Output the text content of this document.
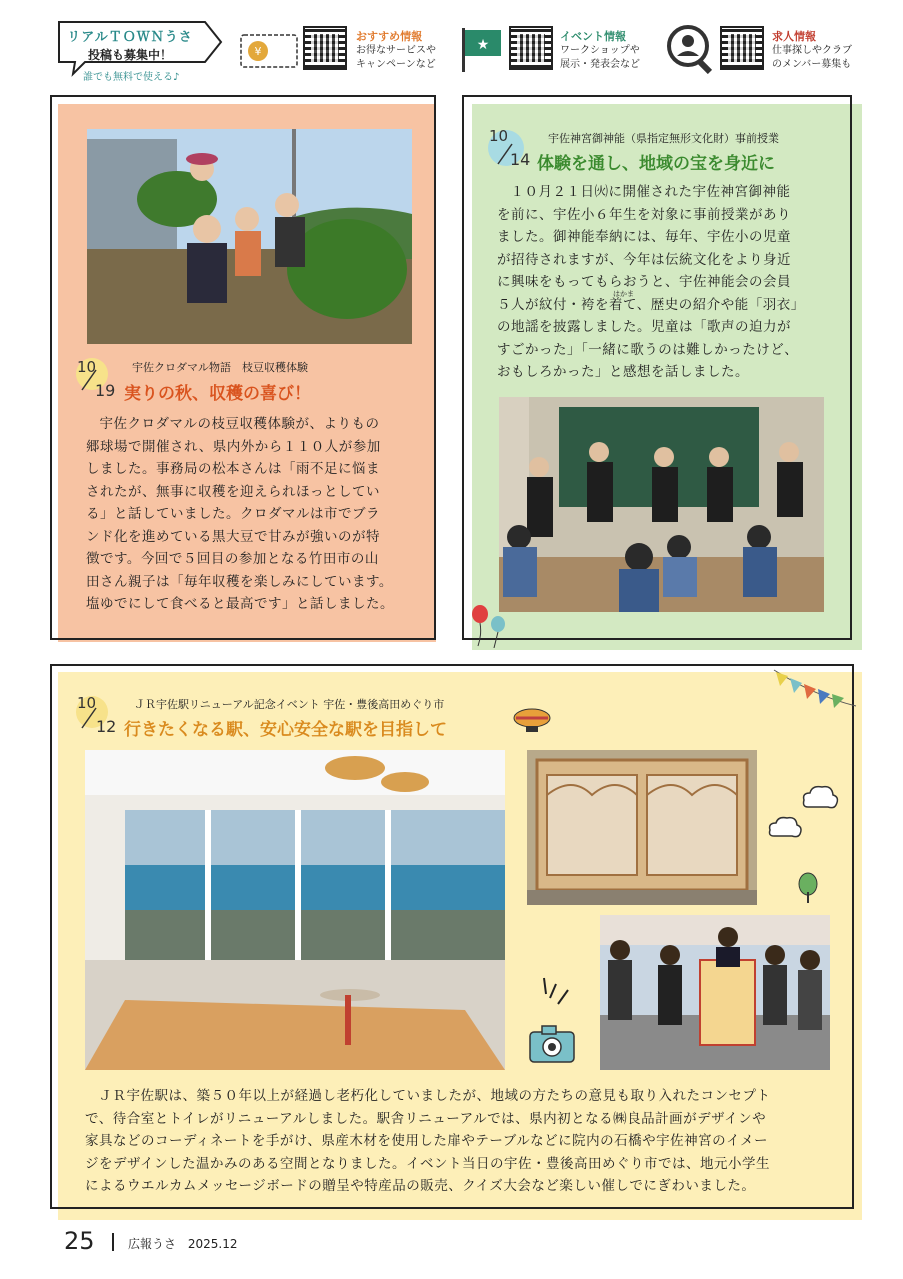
リアルＴＯＷＮうさ
投稿も募集中！
誰でも無料で使える♪
¥
おすすめ情報
お得なサービスや
キャンペーンなど
★
イベント情報
ワークショップや
展示・発表会など
求人情報
仕事探しやクラブ
のメンバー募集も
10
19
宇佐クロダマル物語　枝豆収穫体験
実りの秋、収穫の喜び！
宇佐クロダマルの枝豆収穫体験が、よりもの
郷球場で開催され、県内外から１１０人が参加
しました。事務局の松本さんは「雨不足に悩ま
されたが、無事に収穫を迎えられほっとしてい
る」と話していました。クロダマルは市でブラ
ンド化を進めている黒大豆で甘みが強いのが特
徴です。今回で５回目の参加となる竹田市の山
田さん親子は「毎年収穫を楽しみにしています。
塩ゆでにして食べると最高です」と話しました。
10
14
宇佐神宮御神能（県指定無形文化財）事前授業
体験を通し、地域の宝を身近に
１０月２１日㈫に開催された宇佐神宮御神能
を前に、宇佐小６年生を対象に事前授業があり
ました。御神能奉納には、毎年、宇佐小の児童
が招待されますが、今年は伝統文化をより身近
に興味をもってもらおうと、宇佐神能会の会員
５人が紋付・袴を着て、歴史の紹介や能「羽衣」
の地謡を披露しました。児童は「歌声の迫力が
すごかった」「一緒に歌うのは難しかったけど、
おもしろかった」と感想を話しました。
はかま
10
12
ＪＲ宇佐駅リニューアル記念イベント 宇佐・豊後高田めぐり市
行きたくなる駅、安心安全な駅を目指して
ＪＲ宇佐駅は、築５０年以上が経過し老朽化していましたが、地域の方たちの意見も取り入れたコンセプト
で、待合室とトイレがリニューアルしました。駅舎リニューアルでは、県内初となる㈱良品計画がデザインや
家具などのコーディネートを手がけ、県産木材を使用した扉やテーブルなどに院内の石橋や宇佐神宮のイメー
ジをデザインした温かみのある空間となりました。イベント当日の宇佐・豊後高田めぐり市では、地元小学生
によるウエルカムメッセージボードの贈呈や特産品の販売、クイズ大会など楽しい催しでにぎわいました。
25	広報うさ 2025.12
